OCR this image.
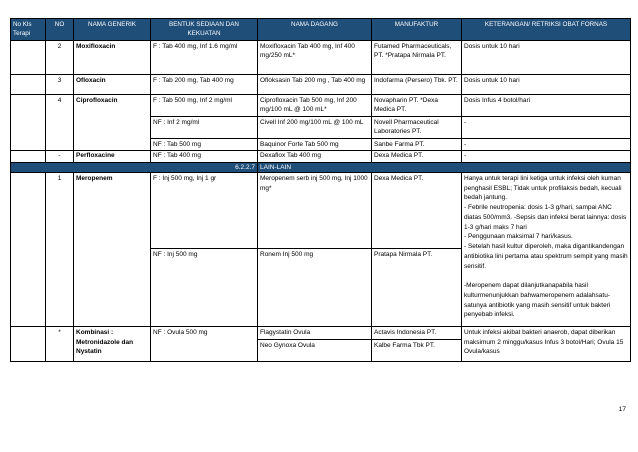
No Kls Terapi	NO	NAMA GENERIK	BENTUK SEDIAAN DAN KEKUATAN	NAMA DAGANG	MANUFAKTUR	KETERANGAN/ RETRIKSI OBAT FORNAS
	2	Moxifloxacin	F : Tab 400 mg, Inf 1.6 mg/ml	Moxifloxacin Tab 400 mg, Inf 400 mg/250 mL*	Futamed Pharmaceuticals, PT. *Pratapa Nirmala PT.	Dosis untuk 10 hari
	3	Ofloxacin	F : Tab 200 mg, Tab 400 mg	Ofloksasin Tab 200 mg , Tab 400 mg	Indofarma (Persero) Tbk. PT.	Dosis untuk 10 hari
	4	Ciprofloxacin	F : Tab 500 mg, Inf 2 mg/ml	Ciprofloxacin Tab 500 mg, Inf 200 mg/100 mL @ 100 mL*	Novapharin PT. *Dexa Medica PT.	Dosis Infus 4 botol/hari
			NF : Inf 2 mg/ml	Civell Inf 200 mg/100 mL @ 100 mL	Novell Pharmaceutical Laboratories PT.	-
			NF : Tab 500 mg	Baquinor Forte Tab 500 mg	Sanbe Farma PT.	-
	-	Perfloxacine	NF : Tab 400 mg	Dexaflox Tab 400 mg	Dexa Medica PT.	-
6.2.2.7				LAIN-LAIN		
	1	Meropenem	F : Inj 500 mg, Inj 1 gr	Meropenem serb inj 500 mg, Inj 1000 mg*	Dexa Medica PT.	Hanya untuk terapi lini ketiga untuk infeksi oleh kuman penghasil ESBL; Tidak untuk profilaksis bedah, kecuali bedah jantung.
- Febrile neutropenia: dosis 1-3 g/hari, sampai ANC diatas 500/mm3. -Sepsis dan infeksi berat lainnya: dosis 1-3 g/hari maks 7 hari
- Penggunaan maksimal 7 hari/kasus.
- Setelah hasil kultur diperoleh, maka digantikandengan antibiotika lini pertama atau spektrum sempit yang masih sensitif.

-Meropenem dapat dilanjutkanapabila hasil kulturmenunjukkan bahwameropenem adalahsatu-satunya antibiotik yang masih sensitif untuk bakteri penyebab infeksi.

			NF : Inj 500 mg	Ronem Inj 500 mg	Pratapa Nirmala PT.	
	*	Kombinasi : Metronidazole dan Nystatin	NF : Ovula 500 mg	Flagystatin Ovula	Actavis Indonesia PT.	Untuk infeksi akibat bakteri anaerob, dapat diberikan maksimum 2 minggu/kasus Infus 3 botol/Hari; Ovula 15 Ovula/kasus
				Neo Gynoxa Ovula	Kalbe Farma Tbk PT.	
17
